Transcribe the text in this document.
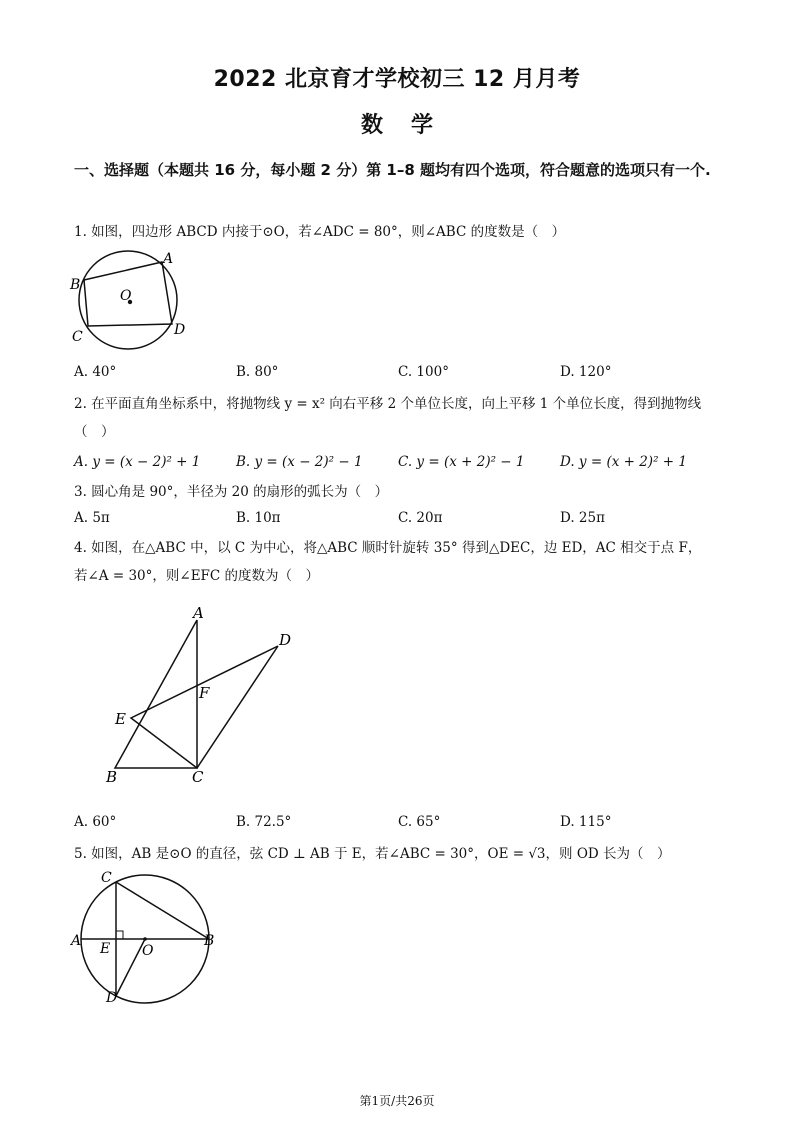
2022 北京育才学校初三 12 月月考
数学
一、选择题（本题共 16 分，每小题 2 分）第 1–8 题均有四个选项，符合题意的选项只有一个.
1. 如图，四边形 ABCD 内接于⊙O，若∠ADC = 80°，则∠ABC 的度数是（　）
A
B
C	D
O
A. 40°	B. 80°	C. 100°	D. 120°
2. 在平面直角坐标系中，将抛物线 y = x² 向右平移 2 个单位长度，向上平移 1 个单位长度，得到抛物线
（　）
A. y = (x − 2)² + 1	B. y = (x − 2)² − 1	C. y = (x + 2)² − 1	D. y = (x + 2)² + 1
3. 圆心角是 90°，半径为 20 的扇形的弧长为（　）
A. 5π	B. 10π	C. 20π	D. 25π
4. 如图，在△ABC 中，以 C 为中心，将△ABC 顺时针旋转 35° 得到△DEC，边 ED，AC 相交于点 F，
若∠A = 30°，则∠EFC 的度数为（　）
A
B	C
D
E
F
A. 60°	B. 72.5°	C. 65°	D. 115°
5. 如图，AB 是⊙O 的直径，弦 CD ⊥ AB 于 E，若∠ABC = 30°，OE = √3，则 OD 长为（　）
C
A	B
E O
D
第1页/共26页
